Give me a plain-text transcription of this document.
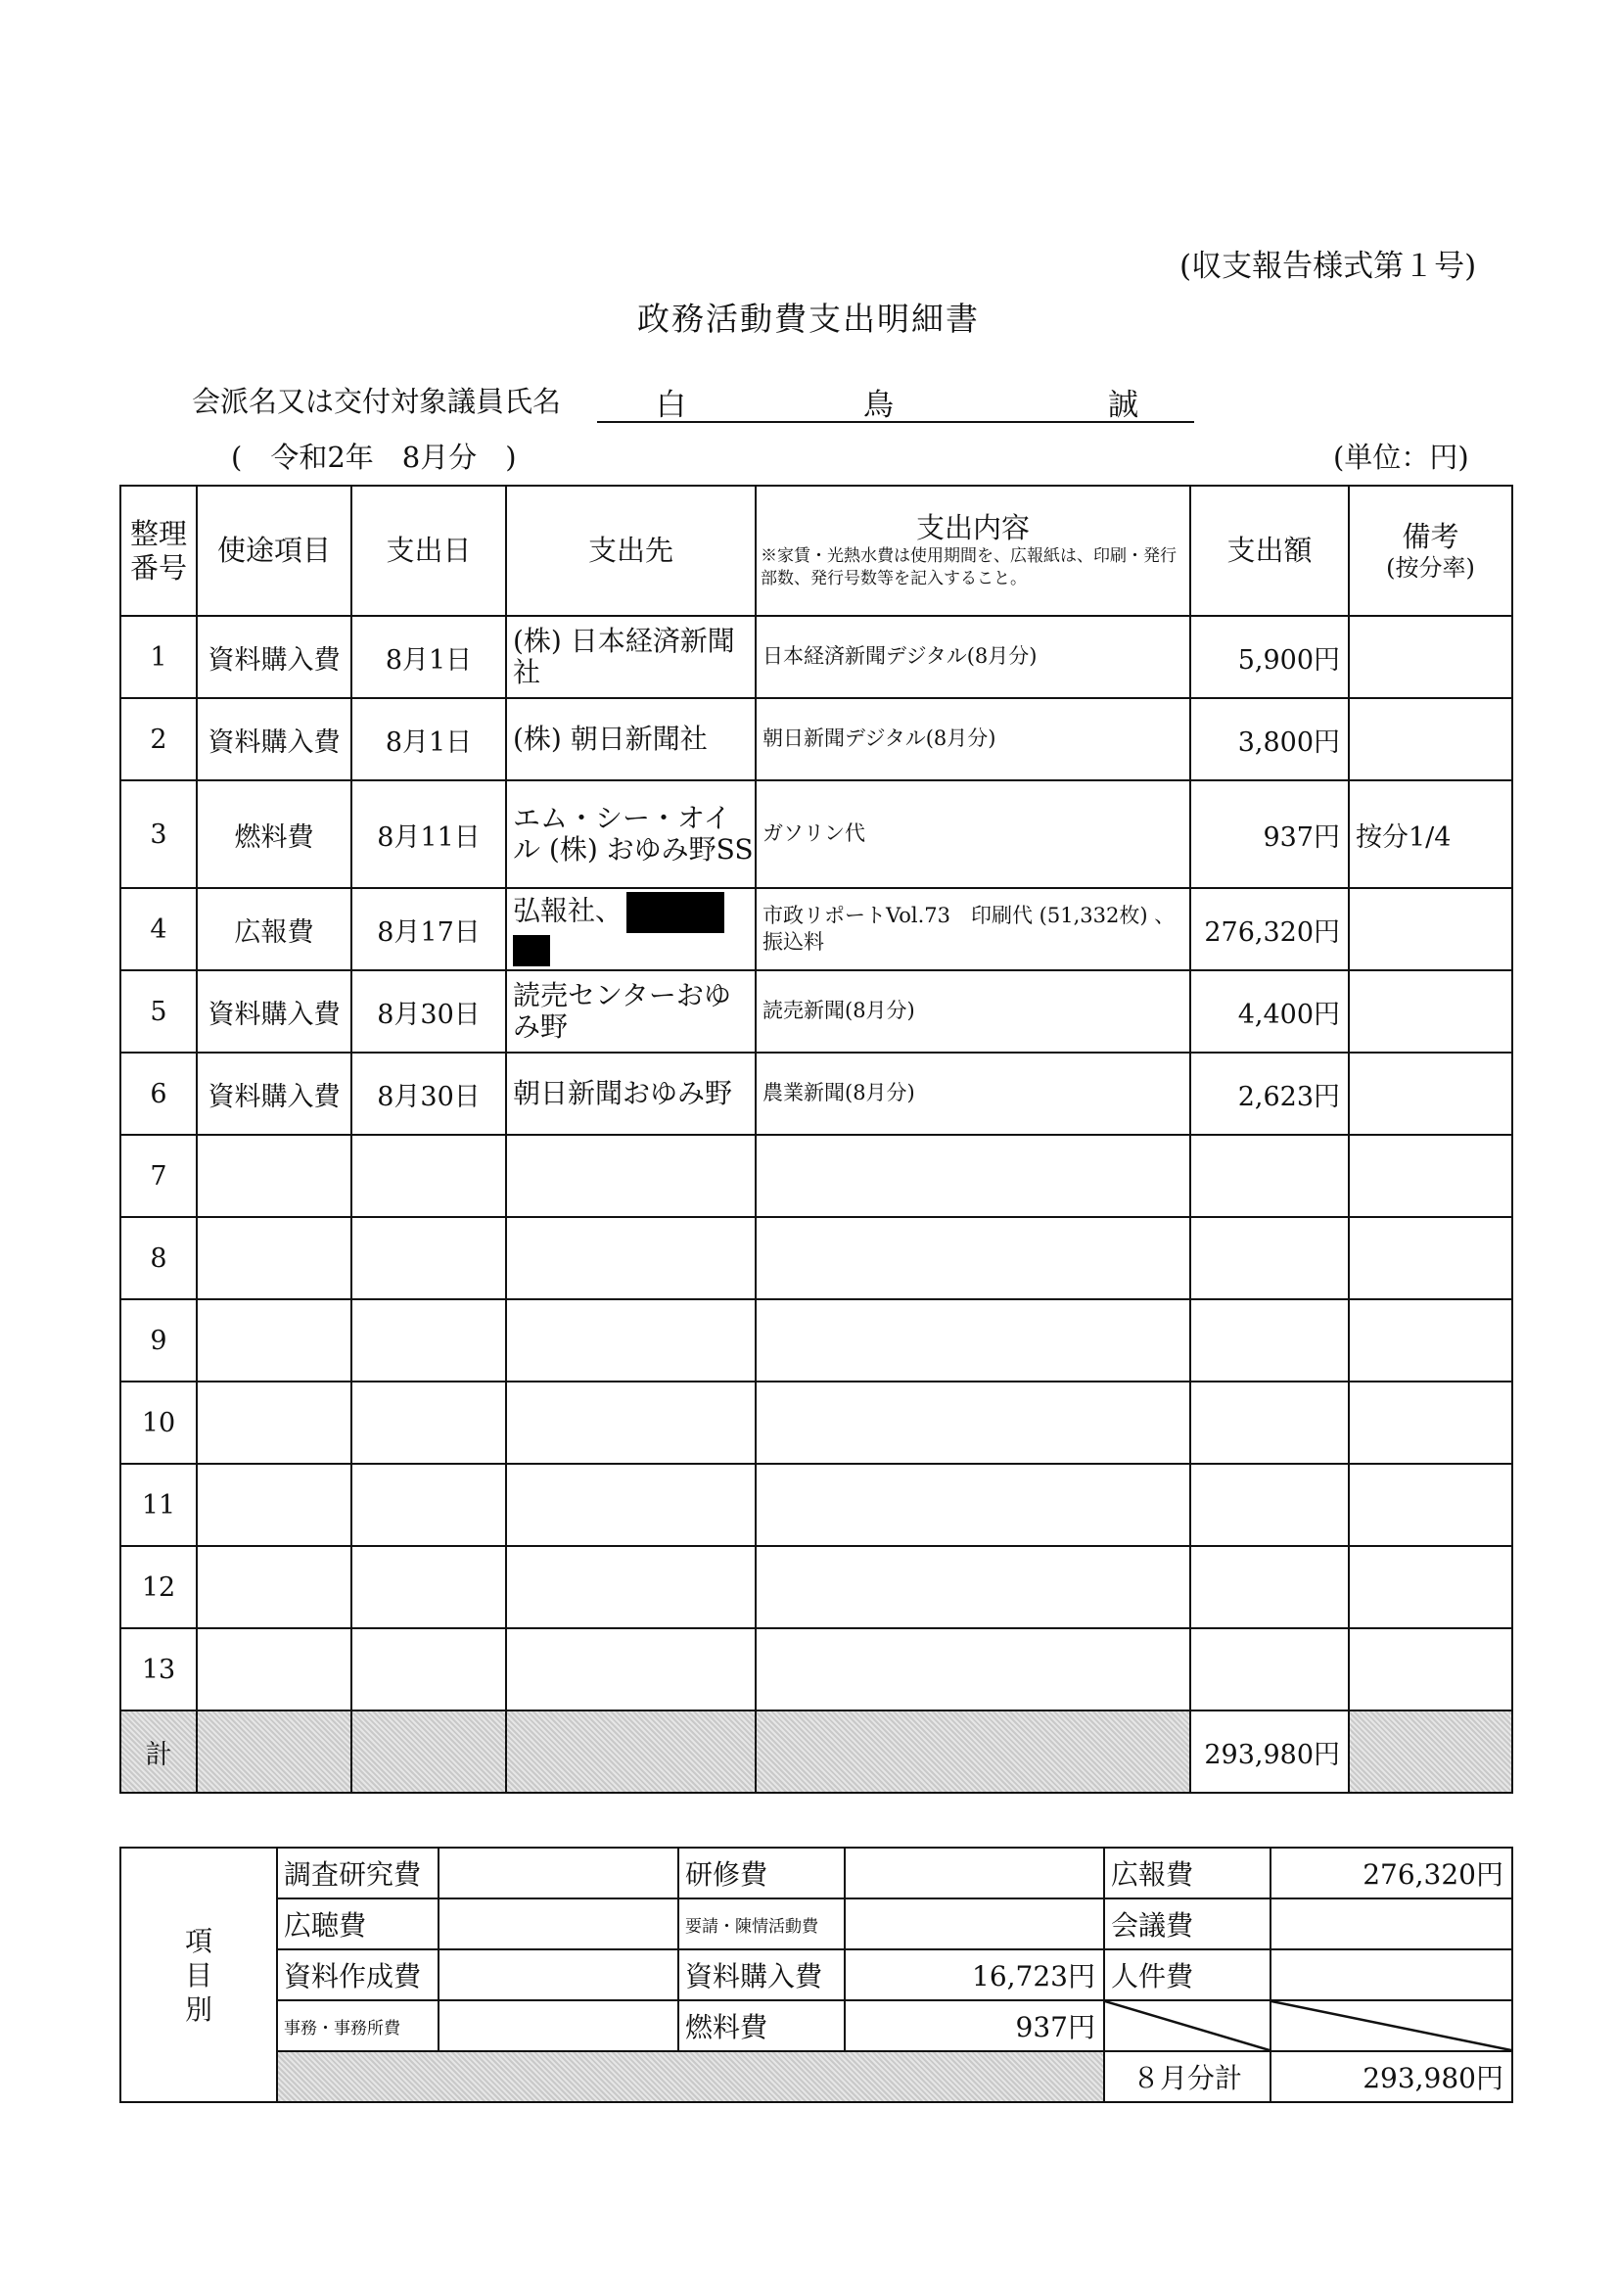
(収支報告様式第１号)
政務活動費支出明細書
会派名又は交付対象議員氏名	白	鳥	誠
(　令和2年　8月分　)	(単位：円)
整理番号	使途項目	支出日	支出先	支出内容
※家賃・光熱水費は使用期間を、広報紙は、印刷・発行部数、発行号数等を記入すること。	支出額	備考
(按分率)

1	資料購入費	8月1日	(株) 日本経済新聞社	日本経済新聞デジタル(8月分)	5,900円	
2	資料購入費	8月1日	(株) 朝日新聞社	朝日新聞デジタル(8月分)	3,800円	
3	燃料費	8月11日	エム・シー・オイル (株) おゆみ野SS	ガソリン代	937円	按分1/4
4	広報費	8月17日	弘報社、	市政リポートVol.73　印刷代 (51,332枚) 、振込料	276,320円	
5	資料購入費	8月30日	読売センターおゆみ野	読売新聞(8月分)	4,400円	
6	資料購入費	8月30日	朝日新聞おゆみ野	農業新聞(8月分)	2,623円	
7						
8						
9						
10						
11						
12						
13						
計					293,980円	
項目別	調査研究費		研修費		広報費	276,320円
	広聴費		要請・陳情活動費		会議費	
	資料作成費		資料購入費	16,723円	人件費	
	事務・事務所費		燃料費	937円		
					８月分計	293,980円
